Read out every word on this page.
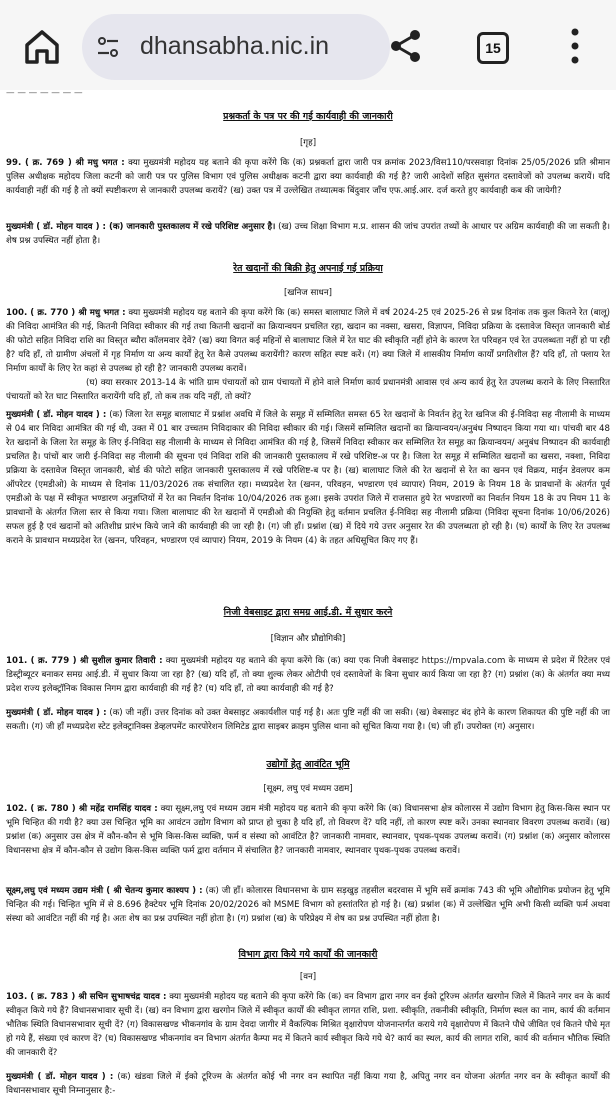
dhansabha.nic.in	15
— — — — — — —
प्रश्नकर्ता के पत्र पर की गई कार्यवाही की जानकारी
[गृह]
99. ( क्र. 769 ) श्री मधु भगत : क्या मुख्यमंत्री महोदय यह बताने की कृपा करेंगे कि (क) प्रश्नकर्ता द्वारा जारी पत्र क्रमांक 2023/विस110/परसवाड़ा दिनांक 25/05/2026 प्रति श्रीमान पुलिस अधीक्षक महोदय जिला कटनी को जारी पत्र पर पुलिस विभाग एवं पुलिस अधीक्षक कटनी द्वारा क्या कार्यवाही की गई है? जारी आदेशों सहित सुसंगत दस्तावेजों को उपलब्ध करायें। यदि कार्यवाही नहीं की गई है तो क्यों स्पष्टीकरण से जानकारी उपलब्ध करायें? (ख) उक्त पत्र में उल्लेखित तथ्यात्मक बिंदुवार जाँच एफ.आई.आर. दर्ज करते हुए कार्यवाही कब की जायेगी?
मुख्यमंत्री ( डॉ. मोहन यादव ) : (क) जानकारी पुस्तकालय में रखे परिशिष्ट अनुसार है। (ख) उच्च शिक्षा विभाग म.प्र. शासन की जांच उपरांत तथ्यों के आधार पर अग्रिम कार्यवाही की जा सकती है। शेष प्रश्न उपस्थित नहीं होता है।
रेत खदानों की बिक्री हेतु अपनाई गई प्रक्रिया
[खनिज साधन]
100. ( क्र. 770 ) श्री मधु भगत : क्या मुख्यमंत्री महोदय यह बताने की कृपा करेंगे कि (क) समस्त बालाघाट जिले में वर्ष 2024-25 एवं 2025-26 से प्रश्न दिनांक तक कुल कितने रेत (बालू) की निविदा आमंत्रित की गई, कितनी निविदा स्वीकार की गई तथा कितनी खदानों का क्रियान्वयन प्रचलित रहा, खदान का नक्सा, खसरा, विज्ञापन, निविदा प्रक्रिया के दस्तावेज विस्तृत जानकारी बोर्ड की फोटो सहित निविदा राशि का विस्तृत ब्यौरा कॉलमवार देवें? (ख) क्या विगत कई महिनों से बालाघाट जिले में रेत घाट की स्वीकृति नहीं होने के कारण रेत परिवहन एवं रेत उपलब्धता नहीं हो पा रही है? यदि हाँ, तो ग्रामीण अंचलों में गृह निर्माण या अन्य कार्यों हेतु रेत कैसे उपलब्ध करायेंगी? कारण सहित स्पष्ट करें। (ग) क्या जिले में शासकीय निर्माण कार्यों प्रगतिशील हैं? यदि हाँ, तो फ्लाय रेत निर्माण कार्यों के लिए रेत कहां से उपलब्ध हो रही है? जानकारी उपलब्ध करावें।
(घ) क्या सरकार 2013-14 के भांति ग्राम पंचायतों को ग्राम पंचायतों में होने वाले निर्माण कार्य प्रधानमंत्री आवास एवं अन्य कार्य हेतु रेत उपलब्ध कराने के लिए निस्तारित पंचायतों को रेत घाट निस्तारित करायेंगी यदि हाँ, तो कब तक यदि नहीं, तो क्यों?
मुख्यमंत्री ( डॉ. मोहन यादव ) : (क) जिला रेत समूह बालाघाट में प्रश्नांश अवधि में जिले के समूह में सम्मिलित समस्त 65 रेत खदानों के निवर्तन हेतु रेत खनिज की ई-निविदा सह नीलामी के माध्यम से 04 बार निविदा आमंत्रित की गई थी, उक्त में 01 बार उच्चतम निविदाकार की निविदा स्वीकार की गई। जिसमें सम्मिलित खदानों का क्रियान्वयन/अनुबंध निष्पादन किया गया था। पांचवी बार 48 रेत खदानों के जिला रेत समूह के लिए ई-निविदा सह नीलामी के माध्यम से निविदा आमंत्रित की गई है, जिसमें निविदा स्वीकार कर सम्मिलित रेत समूह का क्रियान्वयन/ अनुबंध निष्पादन की कार्यवाही प्रचलित है। पांचों बार जारी ई-निविदा सह नीलामी की सूचना एवं निविदा राशि की जानकारी पुस्तकालय में रखे परिशिष्ट-अ पर है। जिला रेत समूह में सम्मिलित खदानों का खसरा, नक्शा, निविदा प्रक्रिया के दस्तावेज विस्तृत जानकारी, बोर्ड की फोटो सहित जानकारी पुस्तकालय में रखे परिशिष्ट-ब पर है। (ख) बालाघाट जिले की रेत खदानों से रेत का खनन एवं विक्रय, माईन डेवलपर कम ऑपरेटर (एमडीओ) के माध्यम से दिनांक 11/03/2026 तक संचालित रहा। मध्यप्रदेश रेत (खनन, परिवहन, भण्डारण एवं व्यापार) नियम, 2019 के नियम 18 के प्रावधानों के अंतर्गत पूर्व एमडीओ के पक्ष में स्वीकृत भण्डारण अनुज्ञप्तियों में रेत का निवर्तन दिनांक 10/04/2026 तक हुआ। इसके उपरांत जिले में राजसात हुये रेत भण्डारणों का निवर्तन नियम 18 के उप नियम 11 के प्रावधानों के अंतर्गत जिला स्तर से किया गया। जिला बालाघाट की रेत खदानों में एमडीओ की नियुक्ति हेतु वर्तमान प्रचलित ई-निविदा सह नीलामी प्रक्रिया (निविदा सूचना दिनांक 10/06/2026) सफल हुई है एवं खदानों को अतिशीघ्र प्रारंभ किये जाने की कार्यवाही की जा रही है। (ग) जी हाँ। प्रश्नांश (ख) में दिये गये उत्तर अनुसार रेत की उपलब्धता हो रही है। (घ) कार्यों के लिए रेत उपलब्ध कराने के प्रावधान मध्यप्रदेश रेत (खनन, परिवहन, भण्डारण एवं व्यापार) नियम, 2019 के नियम (4) के तहत अधिसूचित किए गए हैं।
निजी वेबसाइट द्वारा समग्र आई.डी. में सुधार करने
[विज्ञान और प्रौद्योगिकी]
101. ( क्र. 779 ) श्री सुशील कुमार तिवारी : क्या मुख्यमंत्री महोदय यह बताने की कृपा करेंगे कि (क) क्या एक निजी वेबसाइट https://mpvala.com के माध्यम से प्रदेश में रिटेलर एवं डिस्ट्रीब्यूटर बनाकर समग्र आई.डी. में सुधार किया जा रहा है? (ख) यदि हाँ, तो क्या शुल्क लेकर ओटीपी एवं दस्तावेजों के बिना सुधार कार्य किया जा रहा है? (ग) प्रश्नांश (क) के अंतर्गत क्या मध्य प्रदेश राज्य इलेक्ट्रॉनिक विकास निगम द्वारा कार्यवाही की गई है? (घ) यदि हाँ, तो क्या कार्यवाही की गई है?
मुख्यमंत्री ( डॉ. मोहन यादव ) : (क) जी नहीं। उत्तर दिनांक को उक्त वेबसाइट अकार्यशील पाई गई है। अतः पुष्टि नहीं की जा सकी। (ख) वेबसाइट बंद होने के कारण शिकायत की पुष्टि नहीं की जा सकती। (ग) जी हाँ मध्यप्रदेश स्टेट इलेक्ट्रानिक्स डेव्हलपमेंट कारपोरेशन लिमिटेड द्वारा साइबर क्राइम पुलिस थाना को सूचित किया गया है। (घ) जी हाँ। उपरोक्त (ग) अनुसार।
उद्योगों हेतु आवंटित भूमि
[सूक्ष्म, लघु एवं मध्यम उद्यम]
102. ( क्र. 780 ) श्री महेंद्र रामसिंह यादव : क्या सूक्ष्म,लघु एवं मध्यम उद्यम मंत्री महोदय यह बताने की कृपा करेंगे कि (क) विधानसभा क्षेत्र कोलारस में उद्योग विभाग हेतु किस-किस स्थान पर भूमि चिन्हित की गयी है? क्या उस चिन्हित भूमि का आवंटन उद्योग विभाग को प्राप्त हो चुका है यदि हाँ, तो विवरण दें? यदि नहीं, तो कारण स्पष्ट करें। उनका स्थानवार विवरण उपलब्ध करावें। (ख) प्रश्नांश (क) अनुसार उस क्षेत्र में कौन-कौन से भूमि किस-किस व्यक्ति, फर्म व संस्था को आवंटित है? जानकारी नामवार, स्थानवार, पृथक-पृथक उपलब्ध करावें। (ग) प्रश्नांश (क) अनुसार कोलारस विधानसभा क्षेत्र में कौन-कौन से उद्योग किस-किस व्यक्ति फर्म द्वारा वर्तमान में संचालित है? जानकारी नामवार, स्थानवार पृथक-पृथक उपलब्ध करावें।
सूक्ष्म,लघु एवं मध्यम उद्यम मंत्री ( श्री चेतन्य कुमार काश्यप ) : (क) जी हाँ। कोलारस विधानसभा के ग्राम सड़खुड़ तहसील बदरवास में भूमि सर्वे क्रमांक 743 की भूमि औद्योगिक प्रयोजन हेतु भूमि चिन्हित की गई। चिन्हित भूमि में से 8.696 हैक्टेयर भूमि दिनांक 20/02/2026 को MSME विभाग को हस्तांतरित हो गई है। (ख) प्रश्नांश (क) में उल्लेखित भूमि अभी किसी व्यक्ति फर्म अथवा संस्था को आवंटित नहीं की गई है। अतः शेष का प्रश्न उपस्थित नहीं होता है। (ग) प्रश्नांश (ख) के परिप्रेक्ष्य में शेष का प्रश्न उपस्थित नहीं होता है।
विभाग द्वारा किये गये कार्यों की जानकारी
[वन]
103. ( क्र. 783 ) श्री सचिन सुभाषचंद्र यादव : क्या मुख्यमंत्री महोदय यह बताने की कृपा करेंगे कि (क) वन विभाग द्वारा नगर वन ईको टूरिज्म अंतर्गत खरगोन जिले में कितने नगर वन के कार्य स्वीकृत किये गये हैं? विधानसभावार सूची दें। (ख) वन विभाग द्वारा खरगोन जिले में स्वीकृत कार्यों की स्वीकृत लागत राशि, प्रशा. स्वीकृति, तकनीकी स्वीकृति, निर्माण स्थल का नाम, कार्य की वर्तमान भौतिक स्थिति विधानसभावार सूची दें? (ग) विकासखण्ड भीकनगांव के ग्राम देवदा जागीर में वैकल्पिक मिश्रित वृक्षारोपण योजनान्तर्गत कराये गये वृक्षारोपण में कितने पौधे जीवित एवं कितने पौधे मृत हो गये हैं, संख्या एवं कारण दें? (घ) विकासखण्ड भीकनगांव वन विभाग अंतर्गत कैम्पा मद में कितने कार्य स्वीकृत किये गये थे? कार्य का स्थल, कार्य की लागत राशि, कार्य की वर्तमान भौतिक स्थिति की जानकारी दें?
मुख्यमंत्री ( डॉ. मोहन यादव ) : (क) खंडवा जिले में ईको टूरिज्म के अंतर्गत कोई भी नगर वन स्थापित नहीं किया गया है, अपितु नगर वन योजना अंतर्गत नगर वन के स्वीकृत कार्यों की विधानसभावार सूची निम्नानुसार है:-
